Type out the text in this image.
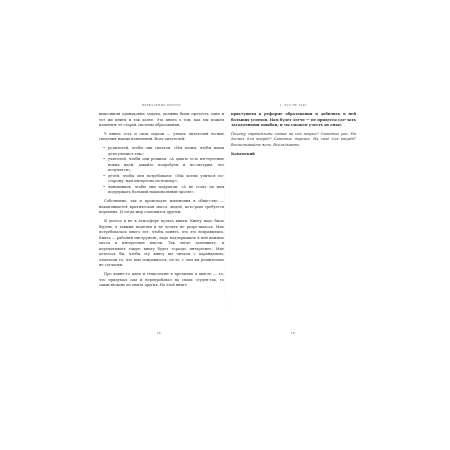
ВЕРБАЛЬНЫЕ ПРОТОТ

выполнили одинаковые задачи, должны были прочесть один и тот же книги и так далее. Эта книга о том, как мы можем изменить ее старой системы образования.

У книги есть и свои задачи — узнать читателей но-вые сведения наших изменений. Всех читателей:

• родителей, чтобы они сказали: «Мы хотим, чтобы наши дети учились так»;
• учителей, чтобы они решили: «А давать есть ин-тересные новых идей, давайте попробуем и по-смотрим, что получится»;
• детей, чтобы они потребовали: «Мы хотим учиться по-старому, нам интересно по-новому»;
• чиновников, чтобы они подумали: «А не стоит ли нам поддержать большой национальный проект».

Собственно, так и происходят изменения в обще-стве — накапливается критическая масса людей, кото-рым требуется перемена. И тогда мир становится другим.

Я долгое и не в атмосфере культа книги. Книгу надо было беречь, в тавыми пометки и не делать не разре-шалось. Мне потребовалось много лет, чтобы понять, что это неправильно. Книга — рабочий инструмент, надо подчеркивать в ней важные места и интересные мысли. Так легче запомнить, и перечитывать такую книгу будет гораздо интереснее. Мне хотелось бы, чтобы эту книгу вы читали с карандашом, отмечали то, что вам понравилось, по-то, с чем вы решительно не согласны.

Про какие-то идеи и технологии я прочитаю в цик-ле — то, что придумал сам и перепробовал на своих студен-тах, то заимствовано из опыта других. На этой книге

18
1. ЧТО НЕ ТАК?

приступили к реформе образования и добились в ней больших успехов. Нам будет легче — не придется сде-лать загадочными ошибки, и ты сможем учесть их опыт.

Почему справедливы самые на сой вопрос? Сквозные рас. На досмех для вперёд? Сквозные дорогие. На своё для вперёд? Воспитывайте ясно. Вскладывать.

Коменский

19
